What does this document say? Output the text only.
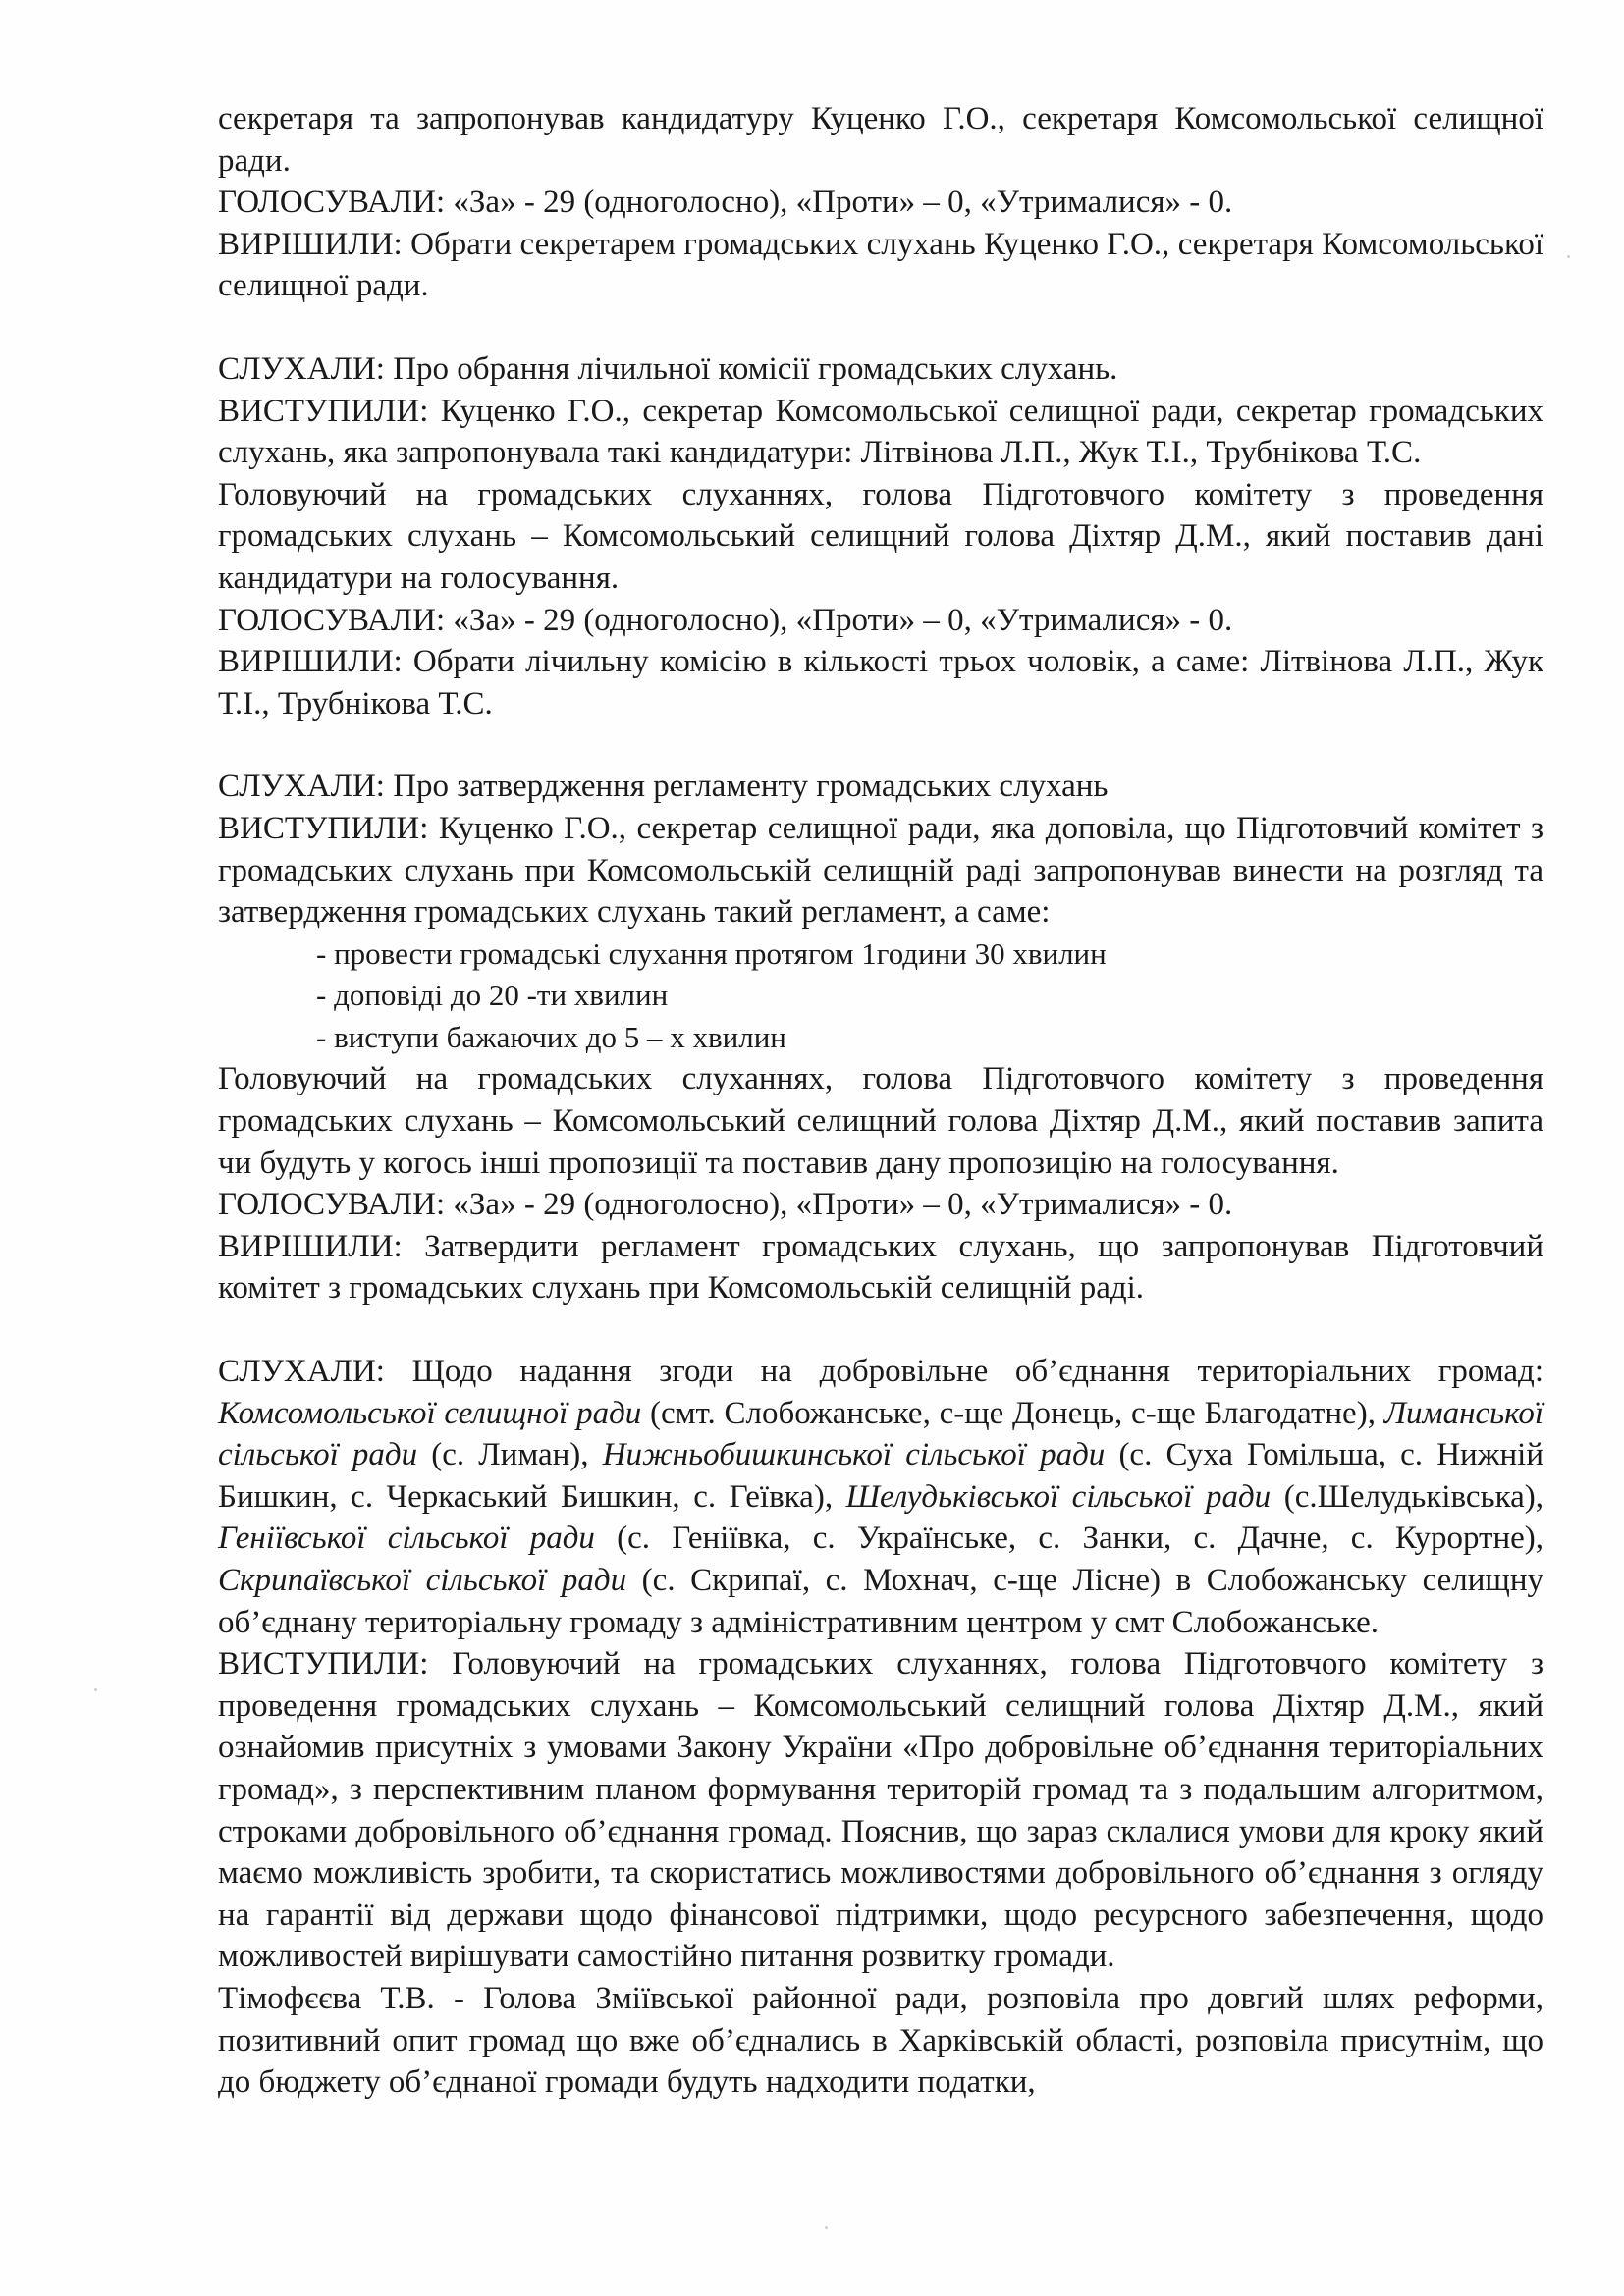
секретаря та запропонував кандидатуру Куценко Г.О., секретаря Комсомольської селищної ради.

ГОЛОСУВАЛИ: «За» - 29 (одноголосно), «Проти» – 0, «Утрималися» - 0.

ВИРІШИЛИ: Обрати секретарем громадських слухань Куценко Г.О., секретаря Комсомольської селищної ради.

СЛУХАЛИ: Про обрання лічильної комісії громадських слухань.

ВИСТУПИЛИ: Куценко Г.О., секретар Комсомольської селищної ради, секретар громадських слухань, яка запропонувала такі кандидатури: Літвінова Л.П., Жук Т.І., Трубнікова Т.С.

Головуючий на громадських слуханнях, голова Підготовчого комітету з проведення громадських слухань – Комсомольський селищний голова Діхтяр Д.М., який поставив дані кандидатури на голосування.

ГОЛОСУВАЛИ: «За» - 29 (одноголосно), «Проти» – 0, «Утрималися» - 0.

ВИРІШИЛИ: Обрати лічильну комісію в кількості трьох чоловік, а саме: Літвінова Л.П., Жук Т.І., Трубнікова Т.С.

СЛУХАЛИ: Про затвердження регламенту громадських слухань

ВИСТУПИЛИ: Куценко Г.О., секретар селищної ради, яка доповіла, що Підготовчий комітет з громадських слухань при Комсомольській селищній раді запропонував винести на розгляд та затвердження громадських слухань такий регламент, а саме:

- провести громадські слухання протягом 1години 30 хвилин
- доповіді до 20 -ти хвилин
- виступи бажаючих до 5 – х хвилин

Головуючий на громадських слуханнях, голова Підготовчого комітету з проведення громадських слухань – Комсомольський селищний голова Діхтяр Д.М., який поставив запита чи будуть у когось інші пропозиції та поставив дану пропозицію на голосування.

ГОЛОСУВАЛИ: «За» - 29 (одноголосно), «Проти» – 0, «Утрималися» - 0.

ВИРІШИЛИ: Затвердити регламент громадських слухань, що запропонував Підготовчий комітет з громадських слухань при Комсомольській селищній раді.

СЛУХАЛИ: Щодо надання згоди на добровільне об’єднання територіальних громад: Комсомольської селищної ради (смт. Слобожанське, с-ще Донець, с-ще Благодатне), Лиманської сільської ради (с. Лиман), Нижньобишкинської сільської ради (с. Суха Гомільша, с. Нижній Бишкин, с. Черкаський Бишкин, с. Геївка), Шелудьківської сільської ради (с.Шелудьківська), Геніївської сільської ради (с. Геніївка, с. Українське, с. Занки, с. Дачне, с. Курортне), Скрипаївської сільської ради (с. Скрипаї, с. Мохнач, с-ще Лісне) в Слобожанську селищну об’єднану територіальну громаду з адміністративним центром у смт Слобожанське.

ВИСТУПИЛИ: Головуючий на громадських слуханнях, голова Підготовчого комітету з проведення громадських слухань – Комсомольський селищний голова Діхтяр Д.М., який ознайомив присутніх з умовами Закону України «Про добровільне об’єднання територіальних громад», з перспективним планом формування територій громад та з подальшим алгоритмом, строками добровільного об’єднання громад. Пояснив, що зараз склалися умови для кроку який маємо можливість зробити, та скористатись можливостями добровільного об’єднання з огляду на гарантії від держави щодо фінансової підтримки, щодо ресурсного забезпечення, щодо можливостей вирішувати самостійно питання розвитку громади.

Тімофєєва Т.В. - Голова Зміївської районної ради, розповіла про довгий шлях реформи, позитивний опит громад що вже об’єднались в Харківській області, розповіла присутнім, що до бюджету об’єднаної громади будуть надходити податки,
